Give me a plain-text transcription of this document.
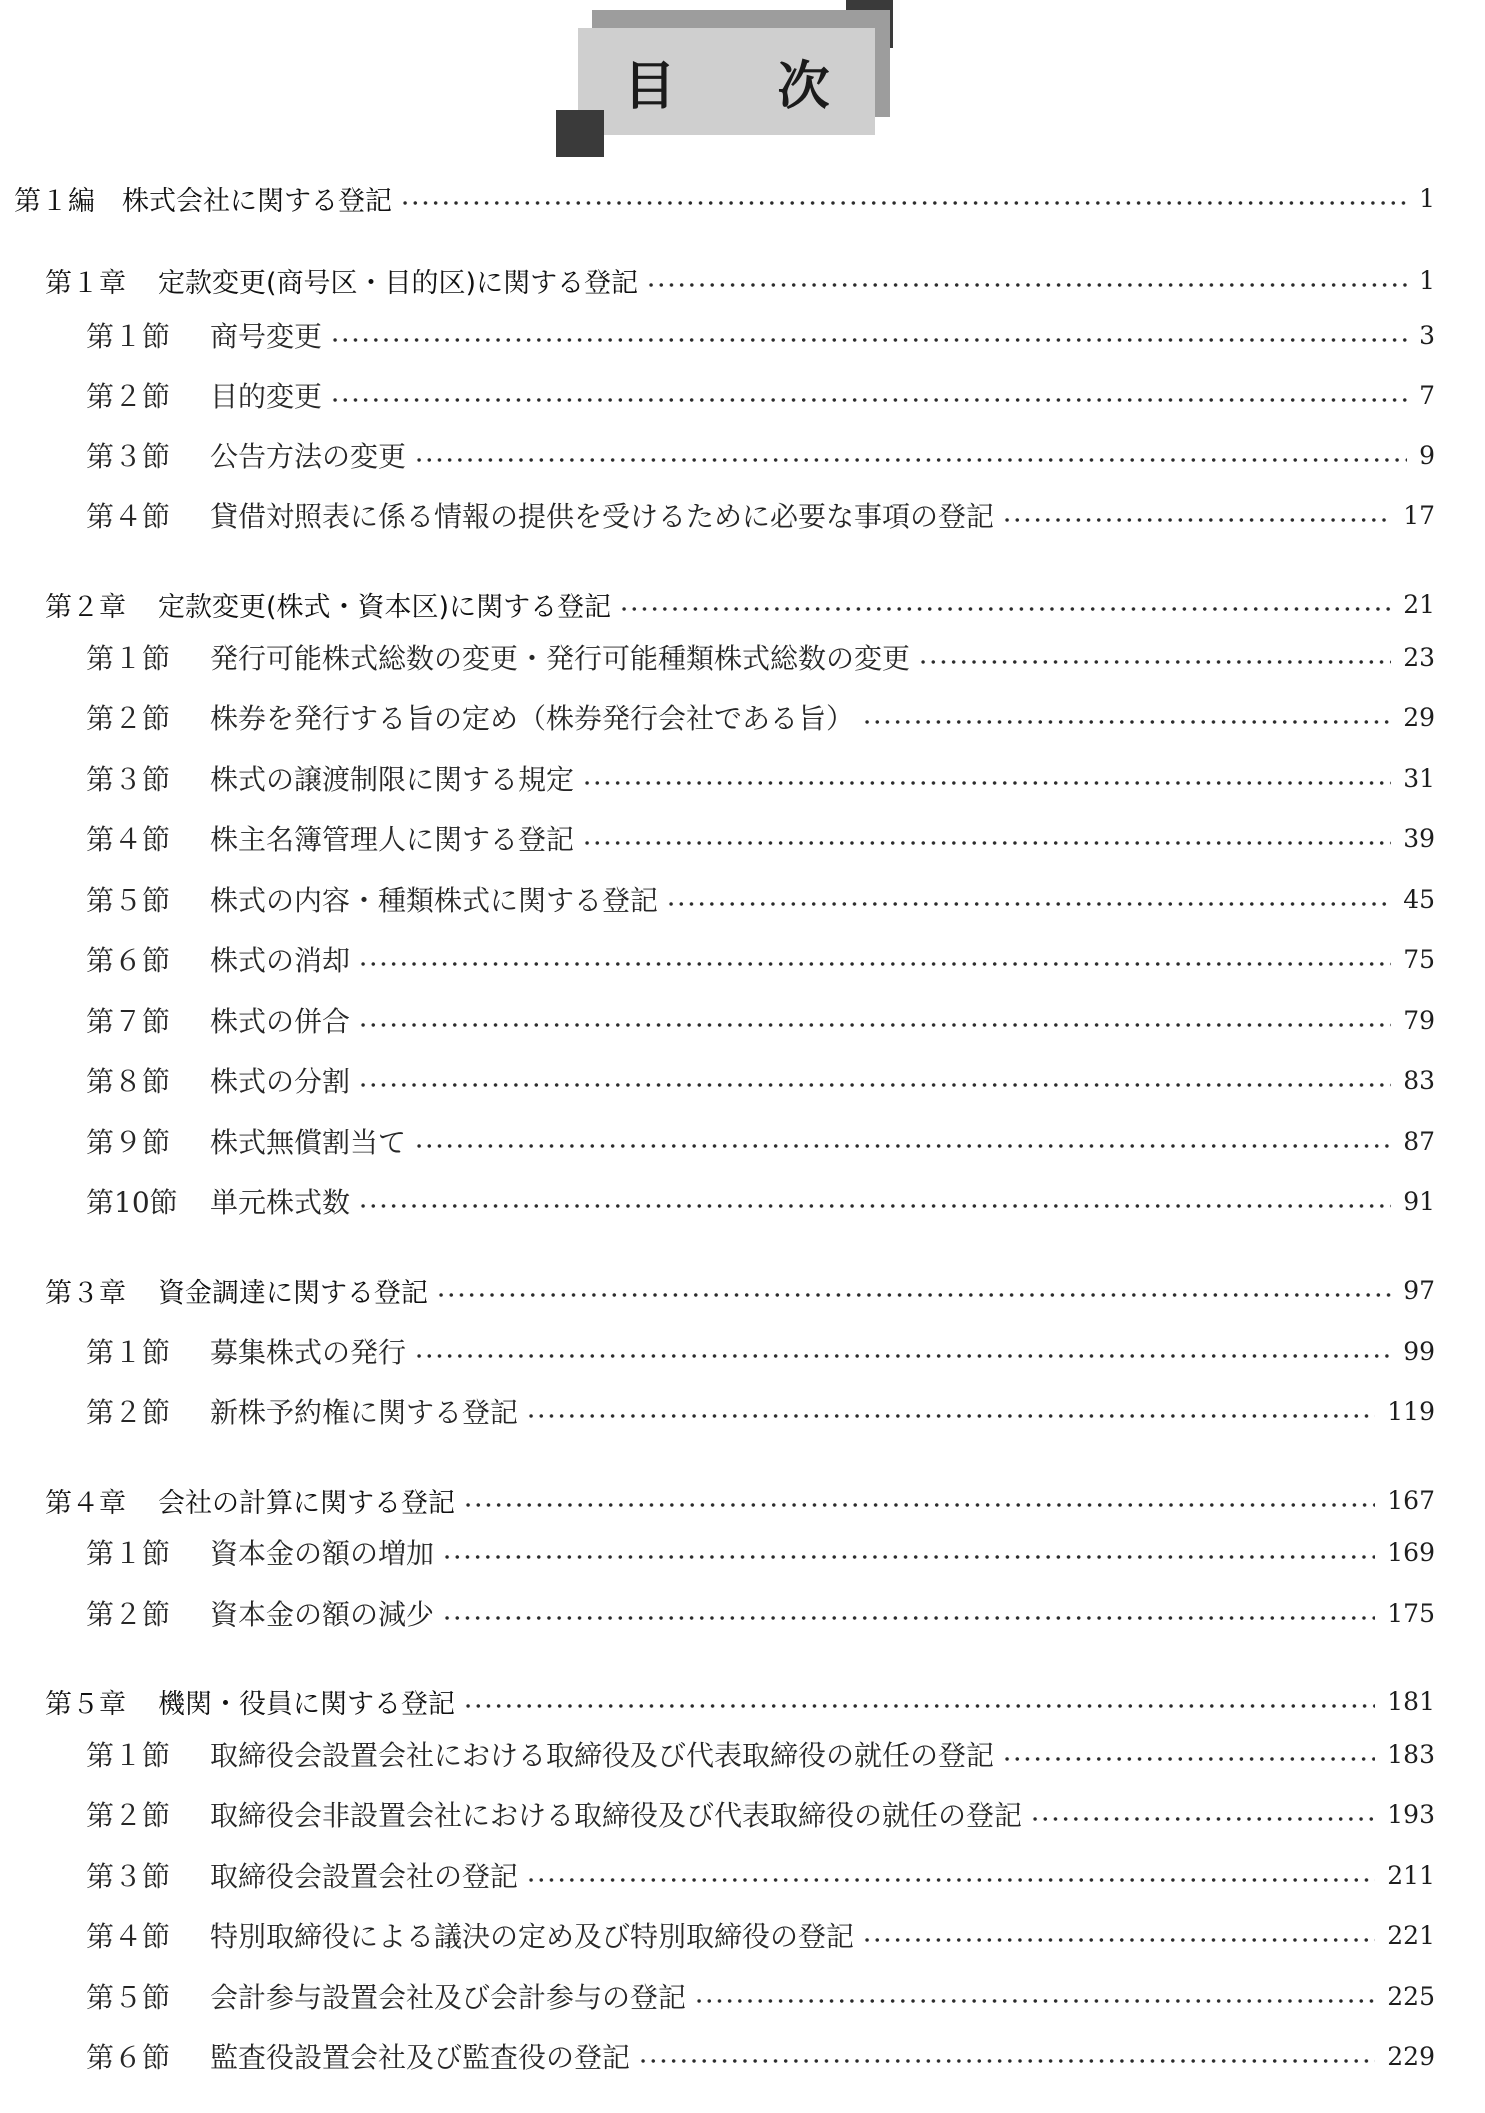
目 次
第１編　株式会社に関する登記	1
第１章 定款変更(商号区・目的区)に関する登記	1
第１節 商号変更	3
第２節 目的変更	7
第３節 公告方法の変更	9
第４節 貸借対照表に係る情報の提供を受けるために必要な事項の登記	17
第２章 定款変更(株式・資本区)に関する登記	21
第１節 発行可能株式総数の変更・発行可能種類株式総数の変更	23
第２節 株券を発行する旨の定め（株券発行会社である旨）	29
第３節 株式の譲渡制限に関する規定	31
第４節 株主名簿管理人に関する登記	39
第５節 株式の内容・種類株式に関する登記	45
第６節 株式の消却	75
第７節 株式の併合	79
第８節 株式の分割	83
第９節 株式無償割当て	87
第10節 単元株式数	91
第３章 資金調達に関する登記	97
第１節 募集株式の発行	99
第２節 新株予約権に関する登記	119
第４章 会社の計算に関する登記	167
第１節 資本金の額の増加	169
第２節 資本金の額の減少	175
第５章 機関・役員に関する登記	181
第１節 取締役会設置会社における取締役及び代表取締役の就任の登記	183
第２節 取締役会非設置会社における取締役及び代表取締役の就任の登記	193
第３節 取締役会設置会社の登記	211
第４節 特別取締役による議決の定め及び特別取締役の登記	221
第５節 会計参与設置会社及び会計参与の登記	225
第６節 監査役設置会社及び監査役の登記	229
